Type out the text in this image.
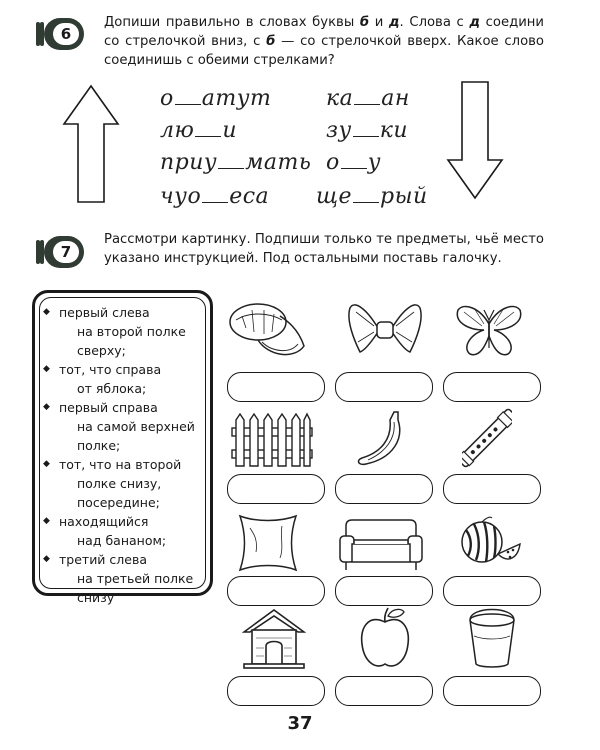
6
Допиши правильно в словах буквы б и д. Слова с д соедини со стрелочкой вниз, с б — со стрелочкой вверх. Какое слово соединишь с обеими стрелками?
о атут
лю и
приу мать
чуо еса
ка ан
зу ки
о у
ще рый
7
Рассмотри картинку. Подпиши только те предметы, чьё место указано инструкцией. Под остальными поставь галочку.
◆ первый слева
на второй полке
сверху;
◆ тот, что справа
от яблока;
◆ первый справа
на самой верхней
полке;
◆ тот, что на второй
полке снизу,
посередине;
◆ находящийся
над бананом;
◆ третий слева
на третьей полке
снизу
37
